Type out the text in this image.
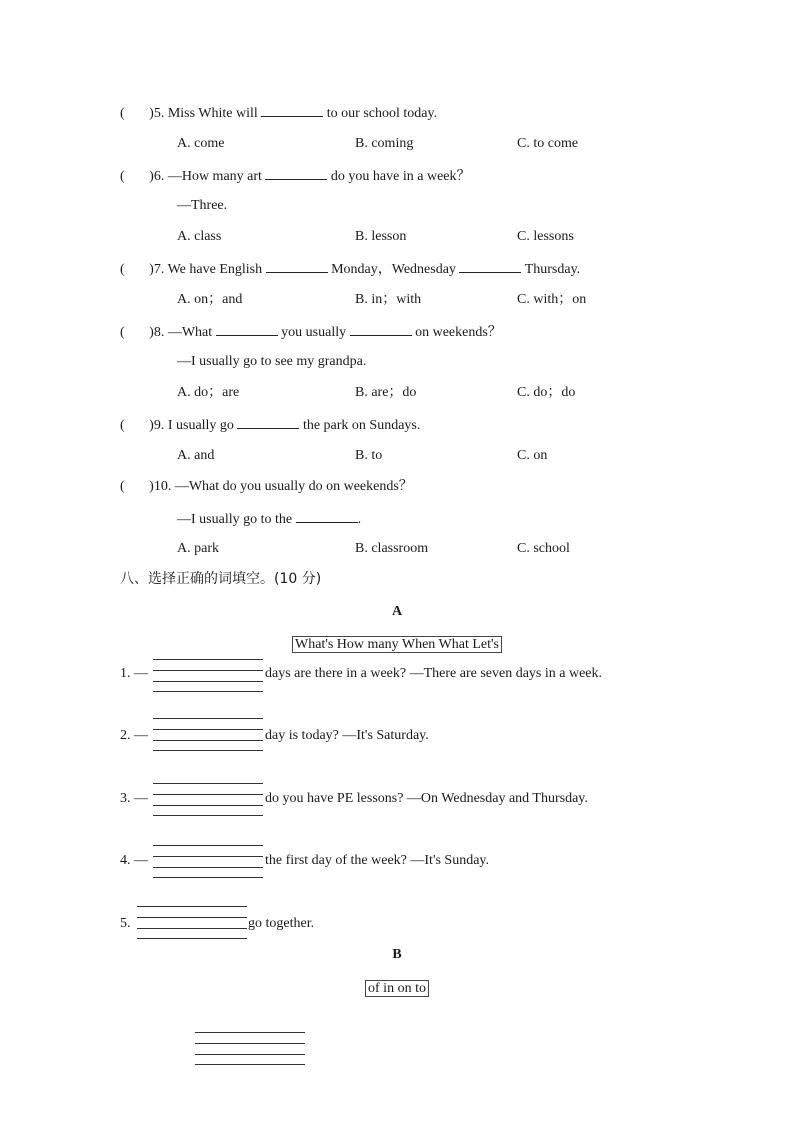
(       )5. Miss White will	to our school today.
A. come	B. coming	C. to come
(       )6. —How many art	do you have in a week？
—Three.
A. class	B. lesson	C. lessons
(       )7. We have English	Monday，Wednesday	Thursday.
A. on；and	B. in；with	C. with；on
(       )8. —What	you usually	on weekends？
—I usually go to see my grandpa.
A. do；are	B. are；do	C. do；do
(       )9. I usually go	the park on Sundays.
A. and	B. to	C. on
(       )10. —What do you usually do on weekends？
—I usually go to the	.
A. park	B. classroom	C. school
八、选择正确的词填空。(10 分)
A
What's How many When What Let's
1. —	days are there in a week? —There are seven days in a week.
2. —	day is today? —It's Saturday.
3. —	do you have PE lessons? —On Wednesday and Thursday.
4. —	the first day of the week? —It's Sunday.
5.	go together.
B
of in on to
